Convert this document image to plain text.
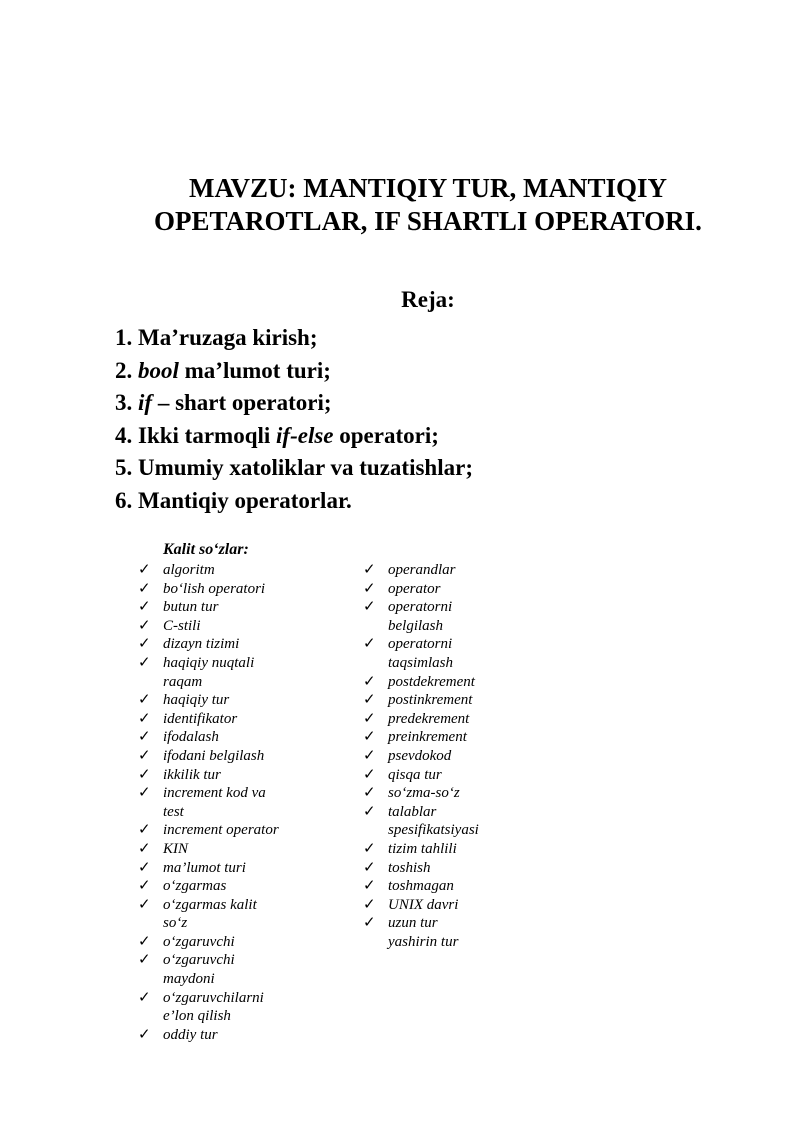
MAVZU: MANTIQIY TUR, MANTIQIY
OPETAROTLAR, IF SHARTLI OPERATORI.
Reja:
1. Ma’ruzaga kirish;
2. bool ma’lumot turi;
3. if – shart operatori;
4. Ikki tarmoqli if-else operatori;
5. Umumiy xatoliklar va tuzatishlar;
6. Mantiqiy operatorlar.
Kalit so‘zlar:
✓ algoritm
✓ bo‘lish operatori
✓ butun tur
✓ C-stili
✓ dizayn tizimi
✓ haqiqiy nuqtali
raqam
✓ haqiqiy tur
✓ identifikator
✓ ifodalash
✓ ifodani belgilash
✓ ikkilik tur
✓ increment kod va
test
✓ increment operator
✓ KIN
✓ ma’lumot turi
✓ o‘zgarmas
✓ o‘zgarmas kalit
so‘z
✓ o‘zgaruvchi
✓ o‘zgaruvchi
maydoni
✓ o‘zgaruvchilarni
e’lon qilish
✓ oddiy tur
✓ operandlar
✓ operator
✓ operatorni
belgilash
✓ operatorni
taqsimlash
✓ postdekrement
✓ postinkrement
✓ predekrement
✓ preinkrement
✓ psevdokod
✓ qisqa tur
✓ so‘zma-so‘z
✓ talablar
spesifikatsiyasi
✓ tizim tahlili
✓ toshish
✓ toshmagan
✓ UNIX davri
✓ uzun tur
yashirin tur
